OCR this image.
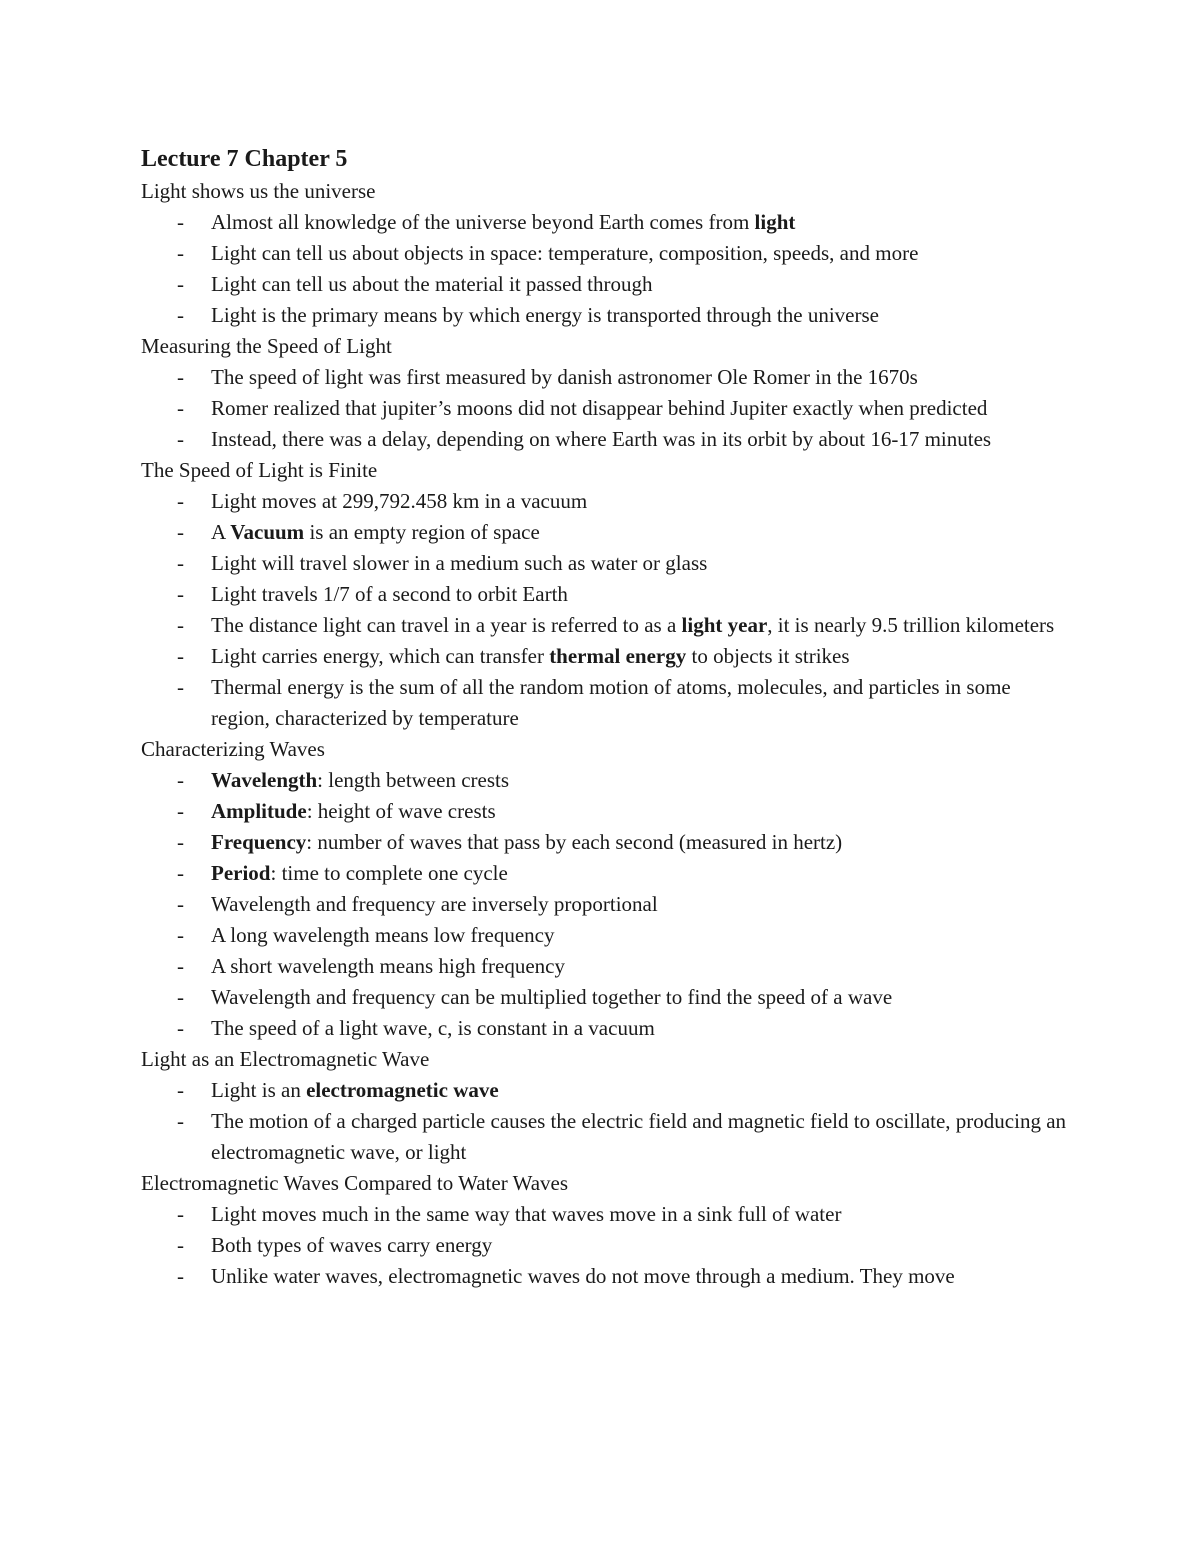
Lecture 7 Chapter 5
Light shows us the universe
- Almost all knowledge of the universe beyond Earth comes from light
- Light can tell us about objects in space: temperature, composition, speeds, and more
- Light can tell us about the material it passed through
- Light is the primary means by which energy is transported through the universe
Measuring the Speed of Light
- The speed of light was first measured by danish astronomer Ole Romer in the 1670s
- Romer realized that jupiter’s moons did not disappear behind Jupiter exactly when predicted
- Instead, there was a delay, depending on where Earth was in its orbit by about 16-17 minutes
The Speed of Light is Finite
- Light moves at 299,792.458 km in a vacuum
- A Vacuum is an empty region of space
- Light will travel slower in a medium such as water or glass
- Light travels 1/7 of a second to orbit Earth
- The distance light can travel in a year is referred to as a light year, it is nearly 9.5 trillion kilometers
- Light carries energy, which can transfer thermal energy to objects it strikes
- Thermal energy is the sum of all the random motion of atoms, molecules, and particles in some region, characterized by temperature
Characterizing Waves
- Wavelength: length between crests
- Amplitude: height of wave crests
- Frequency: number of waves that pass by each second (measured in hertz)
- Period: time to complete one cycle
- Wavelength and frequency are inversely proportional
- A long wavelength means low frequency
- A short wavelength means high frequency
- Wavelength and frequency can be multiplied together to find the speed of a wave
- The speed of a light wave, c, is constant in a vacuum
Light as an Electromagnetic Wave
- Light is an electromagnetic wave
- The motion of a charged particle causes the electric field and magnetic field to oscillate, producing an electromagnetic wave, or light
Electromagnetic Waves Compared to Water Waves
- Light moves much in the same way that waves move in a sink full of water
- Both types of waves carry energy
- Unlike water waves, electromagnetic waves do not move through a medium. They move
